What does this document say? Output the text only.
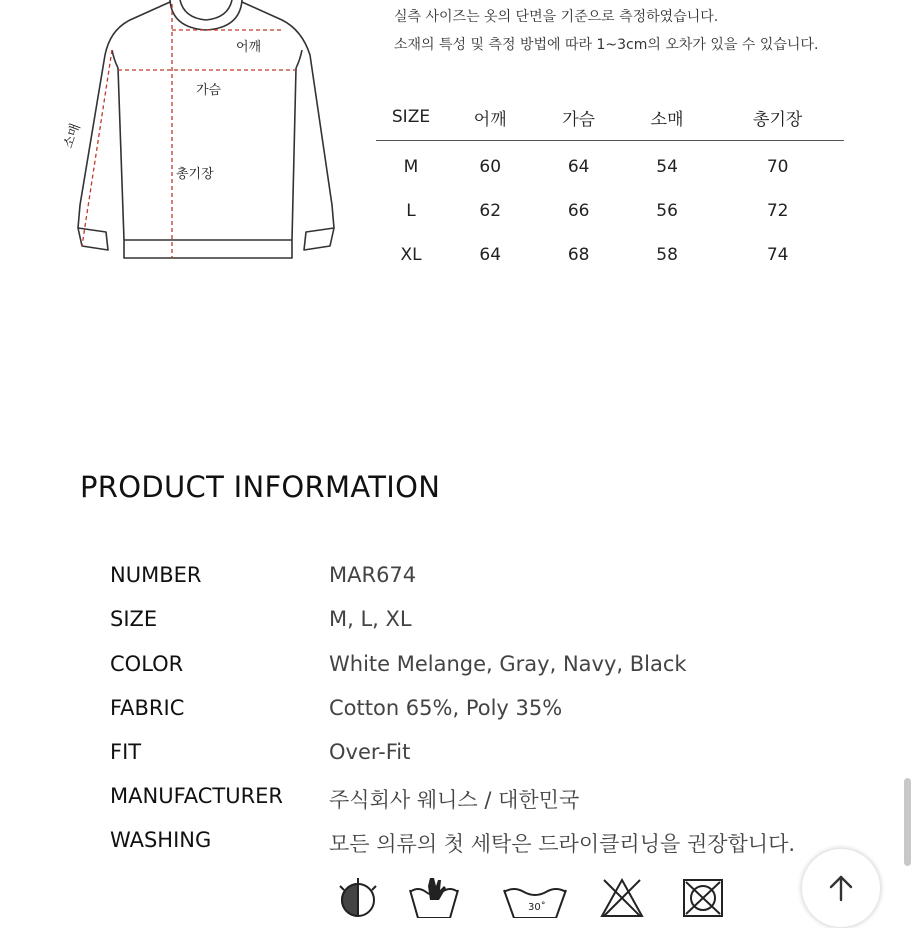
어깨
가슴
소매
총기장
실측 사이즈는 옷의 단면을 기준으로 측정하였습니다.
소재의 특성 및 측정 방법에 따라 1~3cm의 오차가 있을 수 있습니다.
SIZE	어깨	가슴	소매	총기장
M	60	64	54	70
L	62	66	56	72
XL	64	68	58	74
PRODUCT INFORMATION
NUMBER	MAR674
SIZE	M, L, XL
COLOR	White Melange, Gray, Navy, Black
FABRIC	Cotton 65%, Poly 35%
FIT	Over-Fit
MANUFACTURER 주식회사 웨니스 / 대한민국
WASHING	모든 의류의 첫 세탁은 드라이클리닝을 권장합니다.
30˚
